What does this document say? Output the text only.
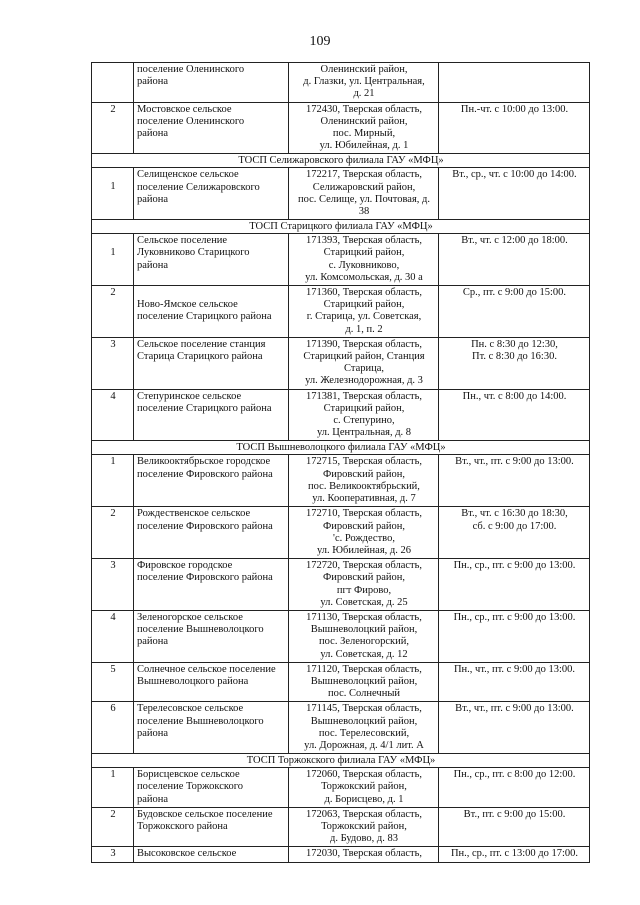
109

	поселение Оленинского
района	Оленинский район,
д. Глазки, ул. Центральная,
д. 21	

2	Мостовское сельское
поселение Оленинского
района	172430, Тверская область,
Оленинский район,
пос. Мирный,
ул. Юбилейная, д. 1	Пн.-чт. с 10:00 до 13:00.

ТОСП Селижаровского филиала ГАУ «МФЦ»			

1	Селищенское сельское
поселение Селижаровского
района	172217, Тверская область,
Селижаровский район,
пос. Селище, ул. Почтовая, д.
38	Вт., ср., чт. с 10:00 до 14:00.

ТОСП Старицкого филиала ГАУ «МФЦ»			

1	Сельское поселение
Луковниково Старицкого
района	171393, Тверская область,
Старицкий район,
с. Луковниково,
ул. Комсомольская, д. 30 а	Вт., чт. с 12:00 до 18:00.

2	Ново-Ямское сельское
поселение Старицкого района	171360, Тверская область,
Старицкий район,
г. Старица, ул. Советская,
д. 1, п. 2	Ср., пт. с 9:00 до 15:00.

3	Сельское поселение станция
Старица Старицкого района	171390, Тверская область,
Старицкий район, Станция
Старица,
ул. Железнодорожная, д. 3	Пн. с 8:30 до 12:30,
Пт. с 8:30 до 16:30.

4	Степуринское сельское
поселение Старицкого района	171381, Тверская область,
Старицкий район,
с. Степурино,
ул. Центральная, д. 8	Пн., чт. с 8:00 до 14:00.

ТОСП Вышневолоцкого филиала ГАУ «МФЦ»			

1	Великооктябрьское городское
поселение Фировского района	172715, Тверская область,
Фировский район,
пос. Великооктябрьский,
ул. Кооперативная, д. 7	Вт., чт., пт. с 9:00 до 13:00.

2	Рождественское сельское
поселение Фировского района	172710, Тверская область,
Фировский район,
'с. Рождество,
ул. Юбилейная, д. 26	Вт., чт. с 16:30 до 18:30,
сб. с 9:00 до 17:00.

3	Фировское городское
поселение Фировского района	172720, Тверская область,
Фировский район,
пгт Фирово,
ул. Советская, д. 25	Пн., ср., пт. с 9:00 до 13:00.

4	Зеленогорское сельское
поселение Вышневолоцкого
района	171130, Тверская область,
Вышневолоцкий район,
пос. Зеленогорский,
ул. Советская, д. 12	Пн., ср., пт. с 9:00 до 13:00.

5	Солнечное сельское поселение
Вышневолоцкого района	171120, Тверская область,
Вышневолоцкий район,
пос. Солнечный	Пн., чт., пт. с 9:00 до 13:00.

6	Терелесовское сельское
поселение Вышневолоцкого
района	171145, Тверская область,
Вышневолоцкий район,
пос. Терелесовский,
ул. Дорожная, д. 4/1 лит. А	Вт., чт., пт. с 9:00 до 13:00.

ТОСП Торжокского филиала ГАУ «МФЦ»			

1	Борисцевское сельское
поселение Торжокского
района	172060, Тверская область,
Торжокский район,
д. Борисцево, д. 1	Пн., ср., пт. с 8:00 до 12:00.

2	Будовское сельское поселение
Торжокского района	172063, Тверская область,
Торжокский район,
д. Будово, д. 83	Вт., пт. с 9:00 до 15:00.

3	Высоковское сельское	172030, Тверская область,	Пн., ср., пт. с 13:00 до 17:00.
